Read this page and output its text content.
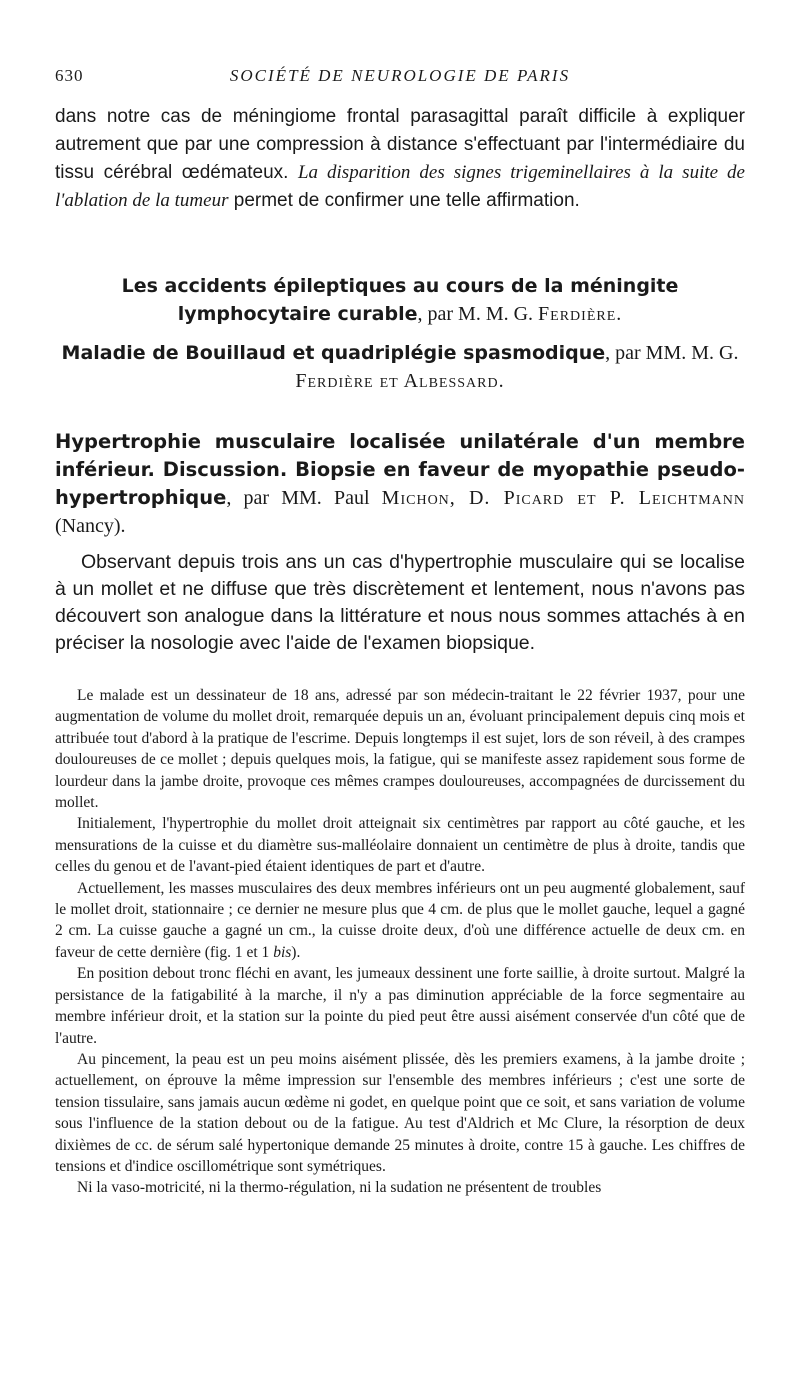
630	SOCIÉTÉ DE NEUROLOGIE DE PARIS

dans notre cas de méningiome frontal parasagittal paraît difficile à expliquer autrement que par une compression à distance s'effectuant par l'intermédiaire du tissu cérébral œdémateux. La disparition des signes trigeminellaires à la suite de l'ablation de la tumeur permet de confirmer une telle affirmation.

Les accidents épileptiques au cours de la méningite lymphocytaire curable, par M. M. G. Ferdière.

Maladie de Bouillaud et quadriplégie spasmodique, par MM. M. G. Ferdière et Albessard.

Hypertrophie musculaire localisée unilatérale d'un membre inférieur. Discussion. Biopsie en faveur de myopathie pseudo-hypertrophique, par MM. Paul Michon, D. Picard et P. Leichtmann (Nancy).

Observant depuis trois ans un cas d'hypertrophie musculaire qui se localise à un mollet et ne diffuse que très discrètement et lentement, nous n'avons pas découvert son analogue dans la littérature et nous nous sommes attachés à en préciser la nosologie avec l'aide de l'examen biopsique.

Le malade est un dessinateur de 18 ans, adressé par son médecin-traitant le 22 février 1937, pour une augmentation de volume du mollet droit, remarquée depuis un an, évoluant principalement depuis cinq mois et attribuée tout d'abord à la pratique de l'escrime. Depuis longtemps il est sujet, lors de son réveil, à des crampes douloureuses de ce mollet ; depuis quelques mois, la fatigue, qui se manifeste assez rapidement sous forme de lourdeur dans la jambe droite, provoque ces mêmes crampes douloureuses, accompagnées de durcissement du mollet.

Initialement, l'hypertrophie du mollet droit atteignait six centimètres par rapport au côté gauche, et les mensurations de la cuisse et du diamètre sus-malléolaire donnaient un centimètre de plus à droite, tandis que celles du genou et de l'avant-pied étaient identiques de part et d'autre.

Actuellement, les masses musculaires des deux membres inférieurs ont un peu augmenté globalement, sauf le mollet droit, stationnaire ; ce dernier ne mesure plus que 4 cm. de plus que le mollet gauche, lequel a gagné 2 cm. La cuisse gauche a gagné un cm., la cuisse droite deux, d'où une différence actuelle de deux cm. en faveur de cette dernière (fig. 1 et 1 bis).

En position debout tronc fléchi en avant, les jumeaux dessinent une forte saillie, à droite surtout. Malgré la persistance de la fatigabilité à la marche, il n'y a pas diminution appréciable de la force segmentaire au membre inférieur droit, et la station sur la pointe du pied peut être aussi aisément conservée d'un côté que de l'autre.

Au pincement, la peau est un peu moins aisément plissée, dès les premiers examens, à la jambe droite ; actuellement, on éprouve la même impression sur l'ensemble des membres inférieurs ; c'est une sorte de tension tissulaire, sans jamais aucun œdème ni godet, en quelque point que ce soit, et sans variation de volume sous l'influence de la station debout ou de la fatigue. Au test d'Aldrich et Mc Clure, la résorption de deux dixièmes de cc. de sérum salé hypertonique demande 25 minutes à droite, contre 15 à gauche. Les chiffres de tensions et d'indice oscillométrique sont symétriques.

Ni la vaso-motricité, ni la thermo-régulation, ni la sudation ne présentent de troubles
